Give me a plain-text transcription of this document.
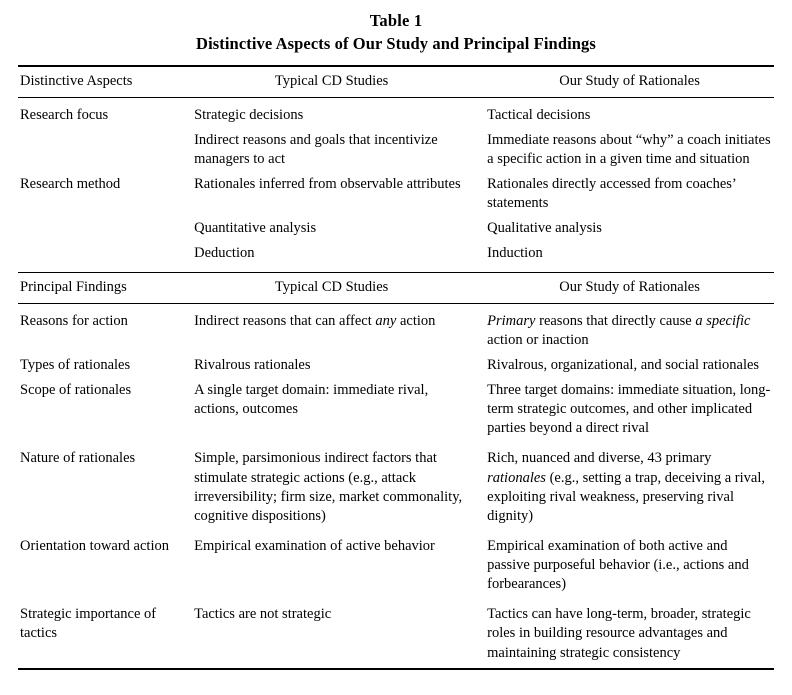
Table 1
Distinctive Aspects of Our Study and Principal Findings
Distinctive Aspects	Typical CD Studies	Our Study of Rationales

Research focus	Strategic decisions	Tactical decisions
	Indirect reasons and goals that incentivize managers to act	Immediate reasons about “why” a coach initiates a specific action in a given time and situation
Research method	Rationales inferred from observable attributes	Rationales directly accessed from coaches’ statements
	Quantitative analysis	Qualitative analysis
	Deduction	Induction

Principal Findings	Typical CD Studies	Our Study of Rationales

Reasons for action	Indirect reasons that can affect any action	Primary reasons that directly cause a specific action or inaction
Types of rationales	Rivalrous rationales	Rivalrous, organizational, and social rationales
Scope of rationales	A single target domain: immediate rival, actions, outcomes	Three target domains: immediate situation, long-term strategic outcomes, and other implicated parties beyond a direct rival
Nature of rationales	Simple, parsimonious indirect factors that stimulate strategic actions (e.g., attack irreversibility; firm size, market commonality, cognitive dispositions)	Rich, nuanced and diverse, 43 primary rationales (e.g., setting a trap, deceiving a rival, exploiting rival weakness, preserving rival dignity)
Orientation toward action	Empirical examination of active behavior	Empirical examination of both active and passive purposeful behavior (i.e., actions and forbearances)
Strategic importance of tactics	Tactics are not strategic	Tactics can have long-term, broader, strategic roles in building resource advantages and maintaining strategic consistency
